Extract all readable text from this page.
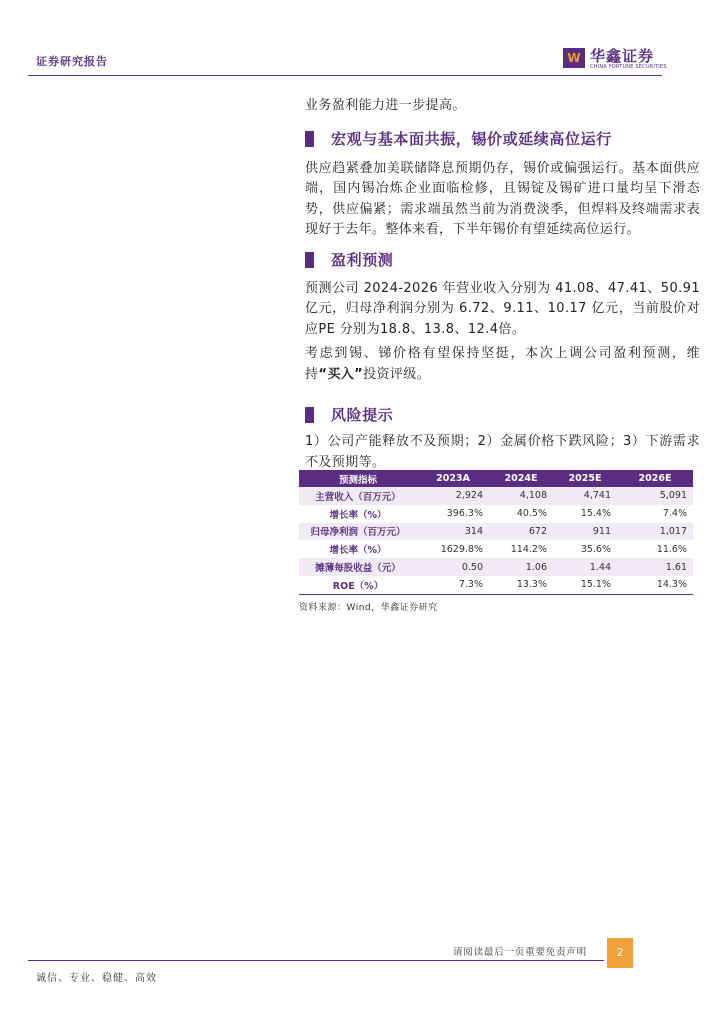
证券研究报告	W 华鑫证券
CHINA FORTUNE SECURITIES

业务盈利能力进一步提高。

宏观与基本面共振，锡价或延续高位运行

供应趋紧叠加美联储降息预期仍存，锡价或偏强运行。基本面供应端，国内锡冶炼企业面临检修，且锡锭及锡矿进口量均呈下滑态势，供应偏紧；需求端虽然当前为消费淡季，但焊料及终端需求表现好于去年。整体来看，下半年锡价有望延续高位运行。

盈利预测

预测公司 2024-2026 年营业收入分别为 41.08、47.41、50.91 亿元，归母净利润分别为 6.72、9.11、10.17 亿元，当前股价对应PE 分别为18.8、13.8、12.4倍。

考虑到锡、锑价格有望保持坚挺，本次上调公司盈利预测，维持“买入”投资评级。

风险提示

1）公司产能释放不及预期；2）金属价格下跌风险；3）下游需求不及预期等。

预测指标	2023A	2024E	2025E	2026E
主营收入（百万元）	2,924	4,108	4,741	5,091
增长率（%）	396.3%	40.5%	15.4%	7.4%
归母净利润（百万元）	314	672	911	1,017
增长率（%）	1629.8%	114.2%	35.6%	11.6%
摊薄每股收益（元）	0.50	1.06	1.44	1.61
ROE（%）	7.3%	13.3%	15.1%	14.3%
资料来源：Wind，华鑫证券研究
请阅读最后一页重要免责声明	2
诚信、专业、稳健、高效
